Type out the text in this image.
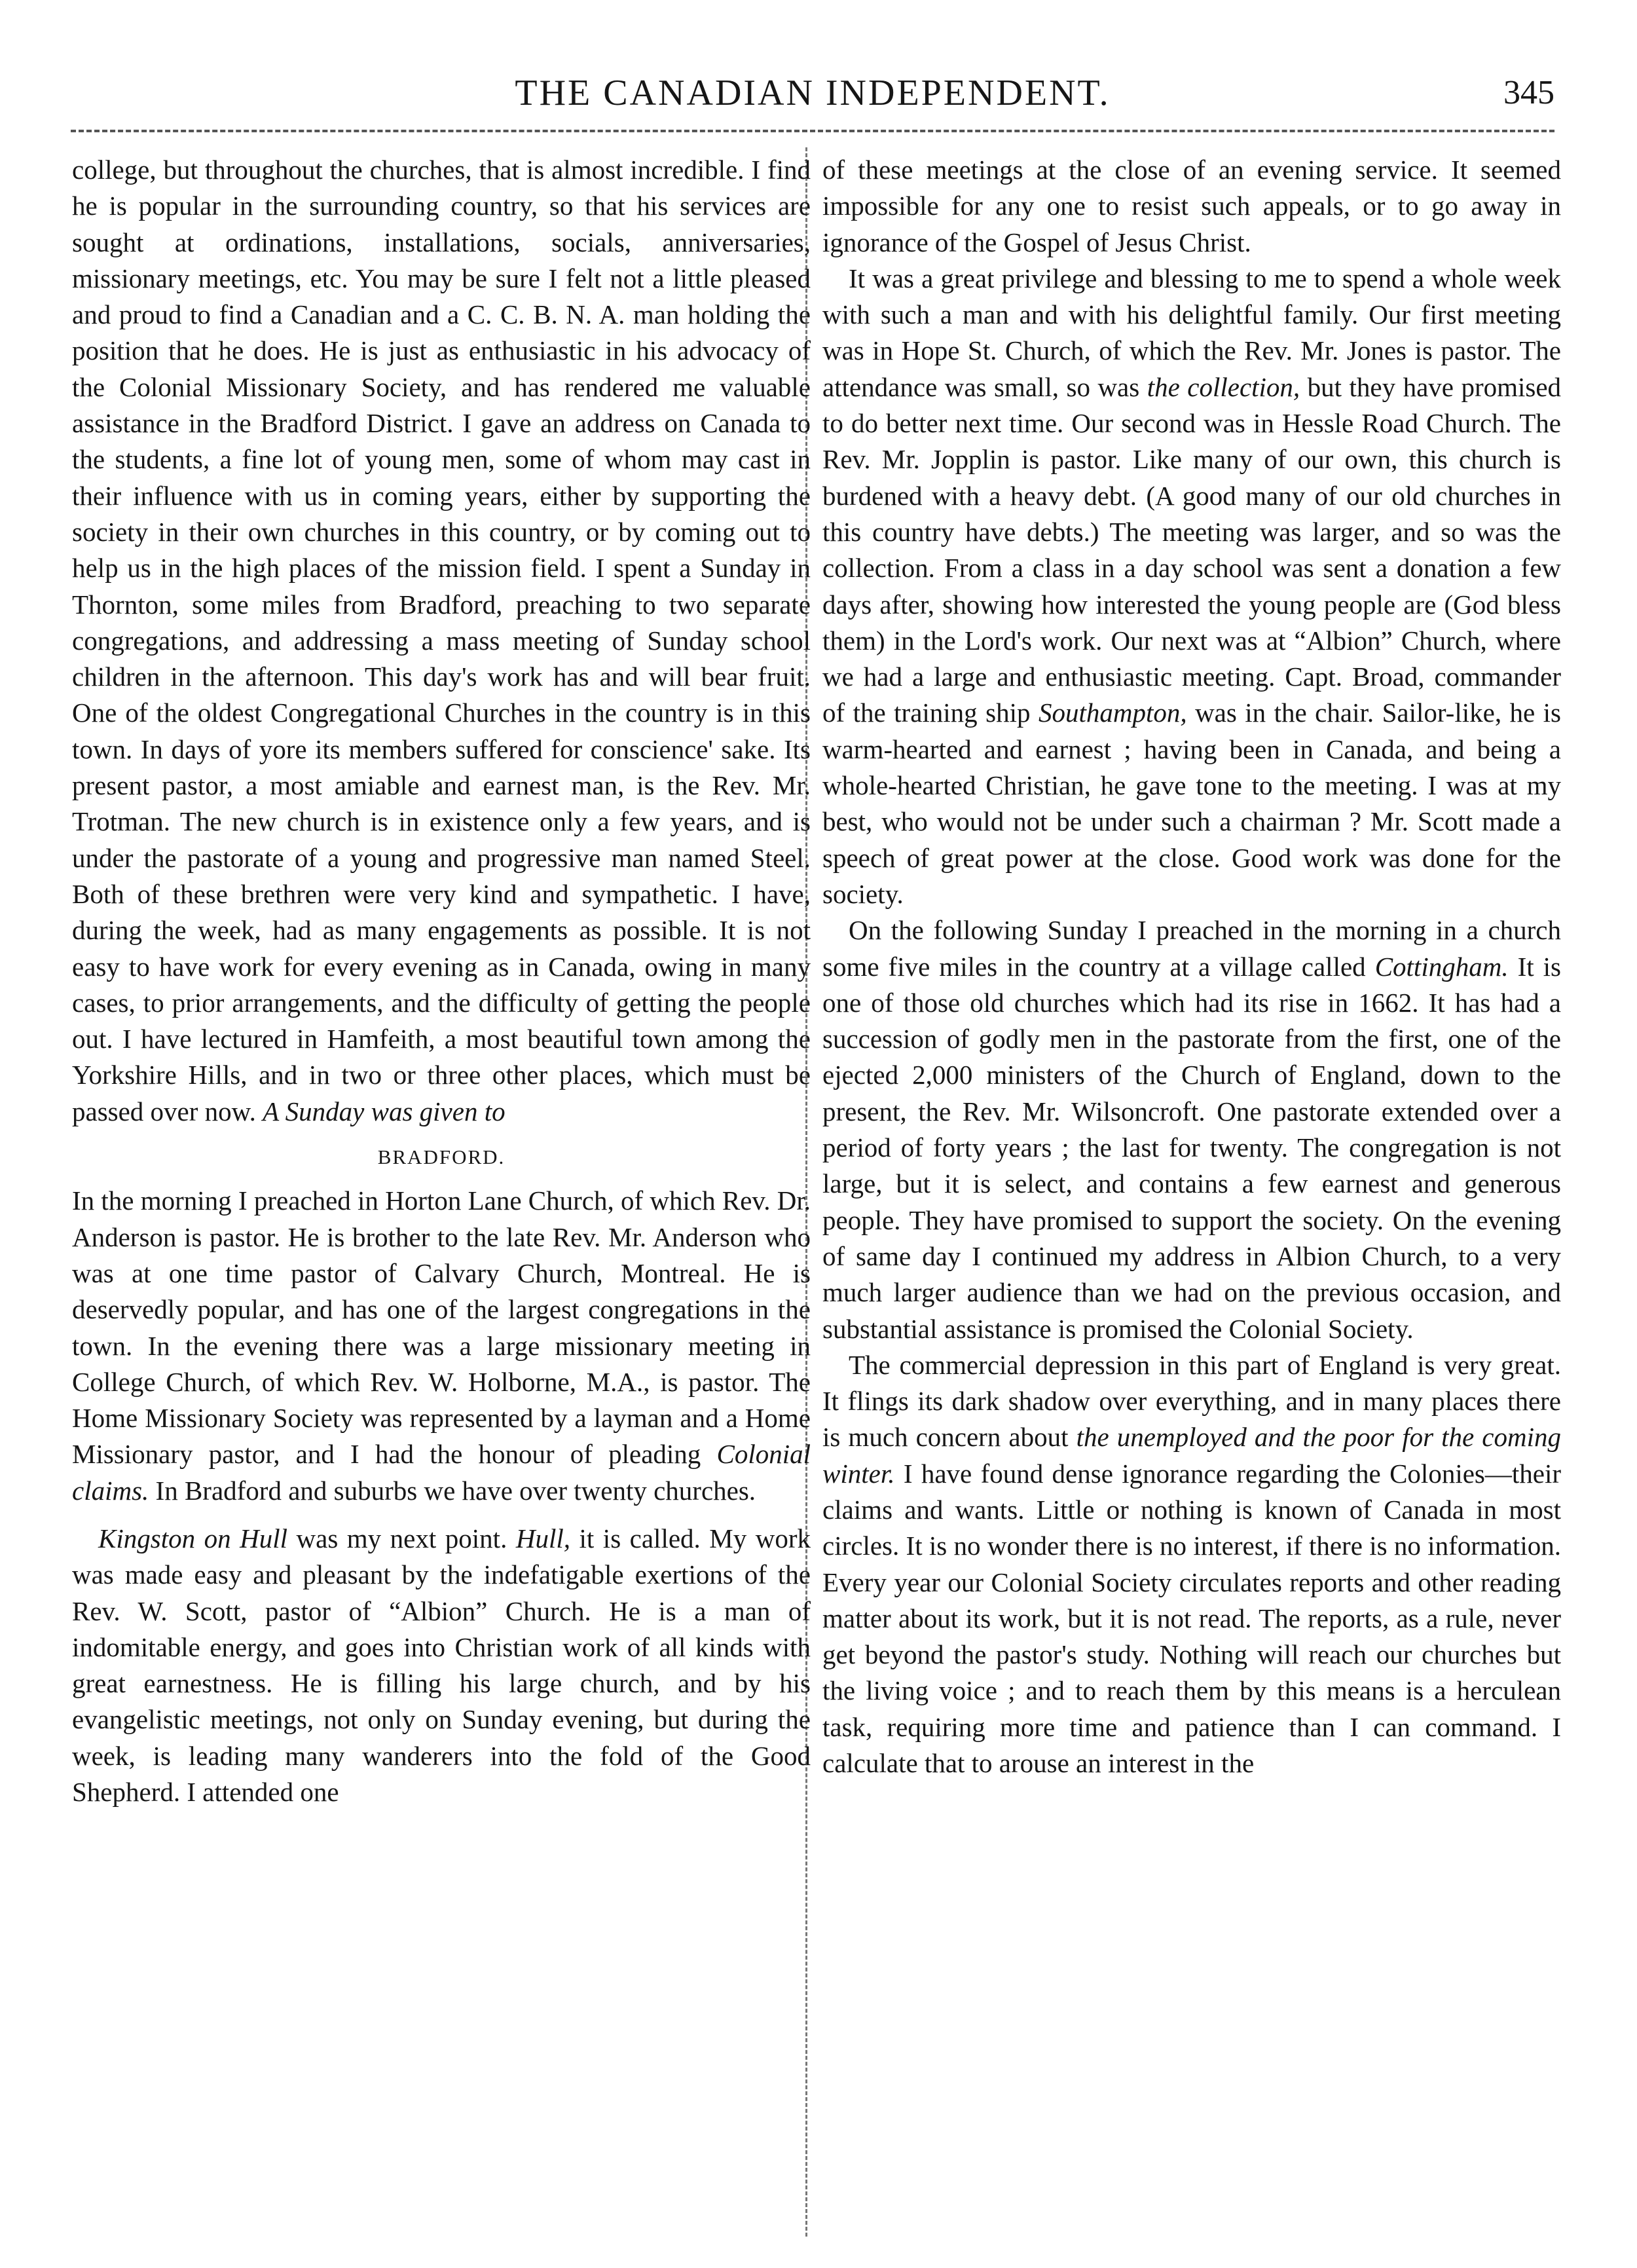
THE CANADIAN INDEPENDENT.	345

college, but throughout the churches, that is almost incredible. I find he is popular in the surrounding country, so that his services are sought at ordinations, installations, socials, anniversaries, missionary meetings, etc. You may be sure I felt not a little pleased and proud to find a Canadian and a C. C. B. N. A. man holding the position that he does. He is just as enthusiastic in his advocacy of the Colonial Missionary Society, and has rendered me valuable assistance in the Bradford District. I gave an address on Canada to the students, a fine lot of young men, some of whom may cast in their influence with us in coming years, either by supporting the society in their own churches in this country, or by coming out to help us in the high places of the mission field. I spent a Sunday in Thornton, some miles from Bradford, preaching to two separate congregations, and addressing a mass meeting of Sunday school children in the afternoon. This day's work has and will bear fruit. One of the oldest Congregational Churches in the country is in this town. In days of yore its members suffered for conscience' sake. Its present pastor, a most amiable and earnest man, is the Rev. Mr. Trotman. The new church is in existence only a few years, and is under the pastorate of a young and progressive man named Steel. Both of these brethren were very kind and sympathetic. I have, during the week, had as many engagements as possible. It is not easy to have work for every evening as in Canada, owing in many cases, to prior arrangements, and the difficulty of getting the people out. I have lectured in Hamfeith, a most beautiful town among the Yorkshire Hills, and in two or three other places, which must be passed over now. A Sunday was given to

BRADFORD.

In the morning I preached in Horton Lane Church, of which Rev. Dr. Anderson is pastor. He is brother to the late Rev. Mr. Anderson who was at one time pastor of Calvary Church, Montreal. He is deservedly popular, and has one of the largest congregations in the town. In the evening there was a large missionary meeting in College Church, of which Rev. W. Holborne, M.A., is pastor. The Home Missionary Society was represented by a layman and a Home Missionary pastor, and I had the honour of pleading Colonial claims. In Bradford and suburbs we have over twenty churches.

Kingston on Hull was my next point. Hull, it is called. My work was made easy and pleasant by the indefatigable exertions of the Rev. W. Scott, pastor of “Albion” Church. He is a man of indomitable energy, and goes into Christian work of all kinds with great earnestness. He is filling his large church, and by his evangelistic meetings, not only on Sunday evening, but during the week, is leading many wanderers into the fold of the Good Shepherd. I attended one

of these meetings at the close of an evening service. It seemed impossible for any one to resist such appeals, or to go away in ignorance of the Gospel of Jesus Christ.

It was a great privilege and blessing to me to spend a whole week with such a man and with his delightful family. Our first meeting was in Hope St. Church, of which the Rev. Mr. Jones is pastor. The attendance was small, so was the collection, but they have promised to do better next time. Our second was in Hessle Road Church. The Rev. Mr. Jopplin is pastor. Like many of our own, this church is burdened with a heavy debt. (A good many of our old churches in this country have debts.) The meeting was larger, and so was the collection. From a class in a day school was sent a donation a few days after, showing how interested the young people are (God bless them) in the Lord's work. Our next was at “Albion” Church, where we had a large and enthusiastic meeting. Capt. Broad, commander of the training ship Southampton, was in the chair. Sailor-like, he is warm-hearted and earnest ; having been in Canada, and being a whole-hearted Christian, he gave tone to the meeting. I was at my best, who would not be under such a chairman ? Mr. Scott made a speech of great power at the close. Good work was done for the society.

On the following Sunday I preached in the morning in a church some five miles in the country at a village called Cottingham. It is one of those old churches which had its rise in 1662. It has had a succession of godly men in the pastorate from the first, one of the ejected 2,000 ministers of the Church of England, down to the present, the Rev. Mr. Wilsoncroft. One pastorate extended over a period of forty years ; the last for twenty. The congregation is not large, but it is select, and contains a few earnest and generous people. They have promised to support the society. On the evening of same day I continued my address in Albion Church, to a very much larger audience than we had on the previous occasion, and substantial assistance is promised the Colonial Society.

The commercial depression in this part of England is very great. It flings its dark shadow over everything, and in many places there is much concern about the unemployed and the poor for the coming winter. I have found dense ignorance regarding the Colonies—their claims and wants. Little or nothing is known of Canada in most circles. It is no wonder there is no interest, if there is no information. Every year our Colonial Society circulates reports and other reading matter about its work, but it is not read. The reports, as a rule, never get beyond the pastor's study. Nothing will reach our churches but the living voice ; and to reach them by this means is a herculean task, requiring more time and patience than I can command. I calculate that to arouse an interest in the
